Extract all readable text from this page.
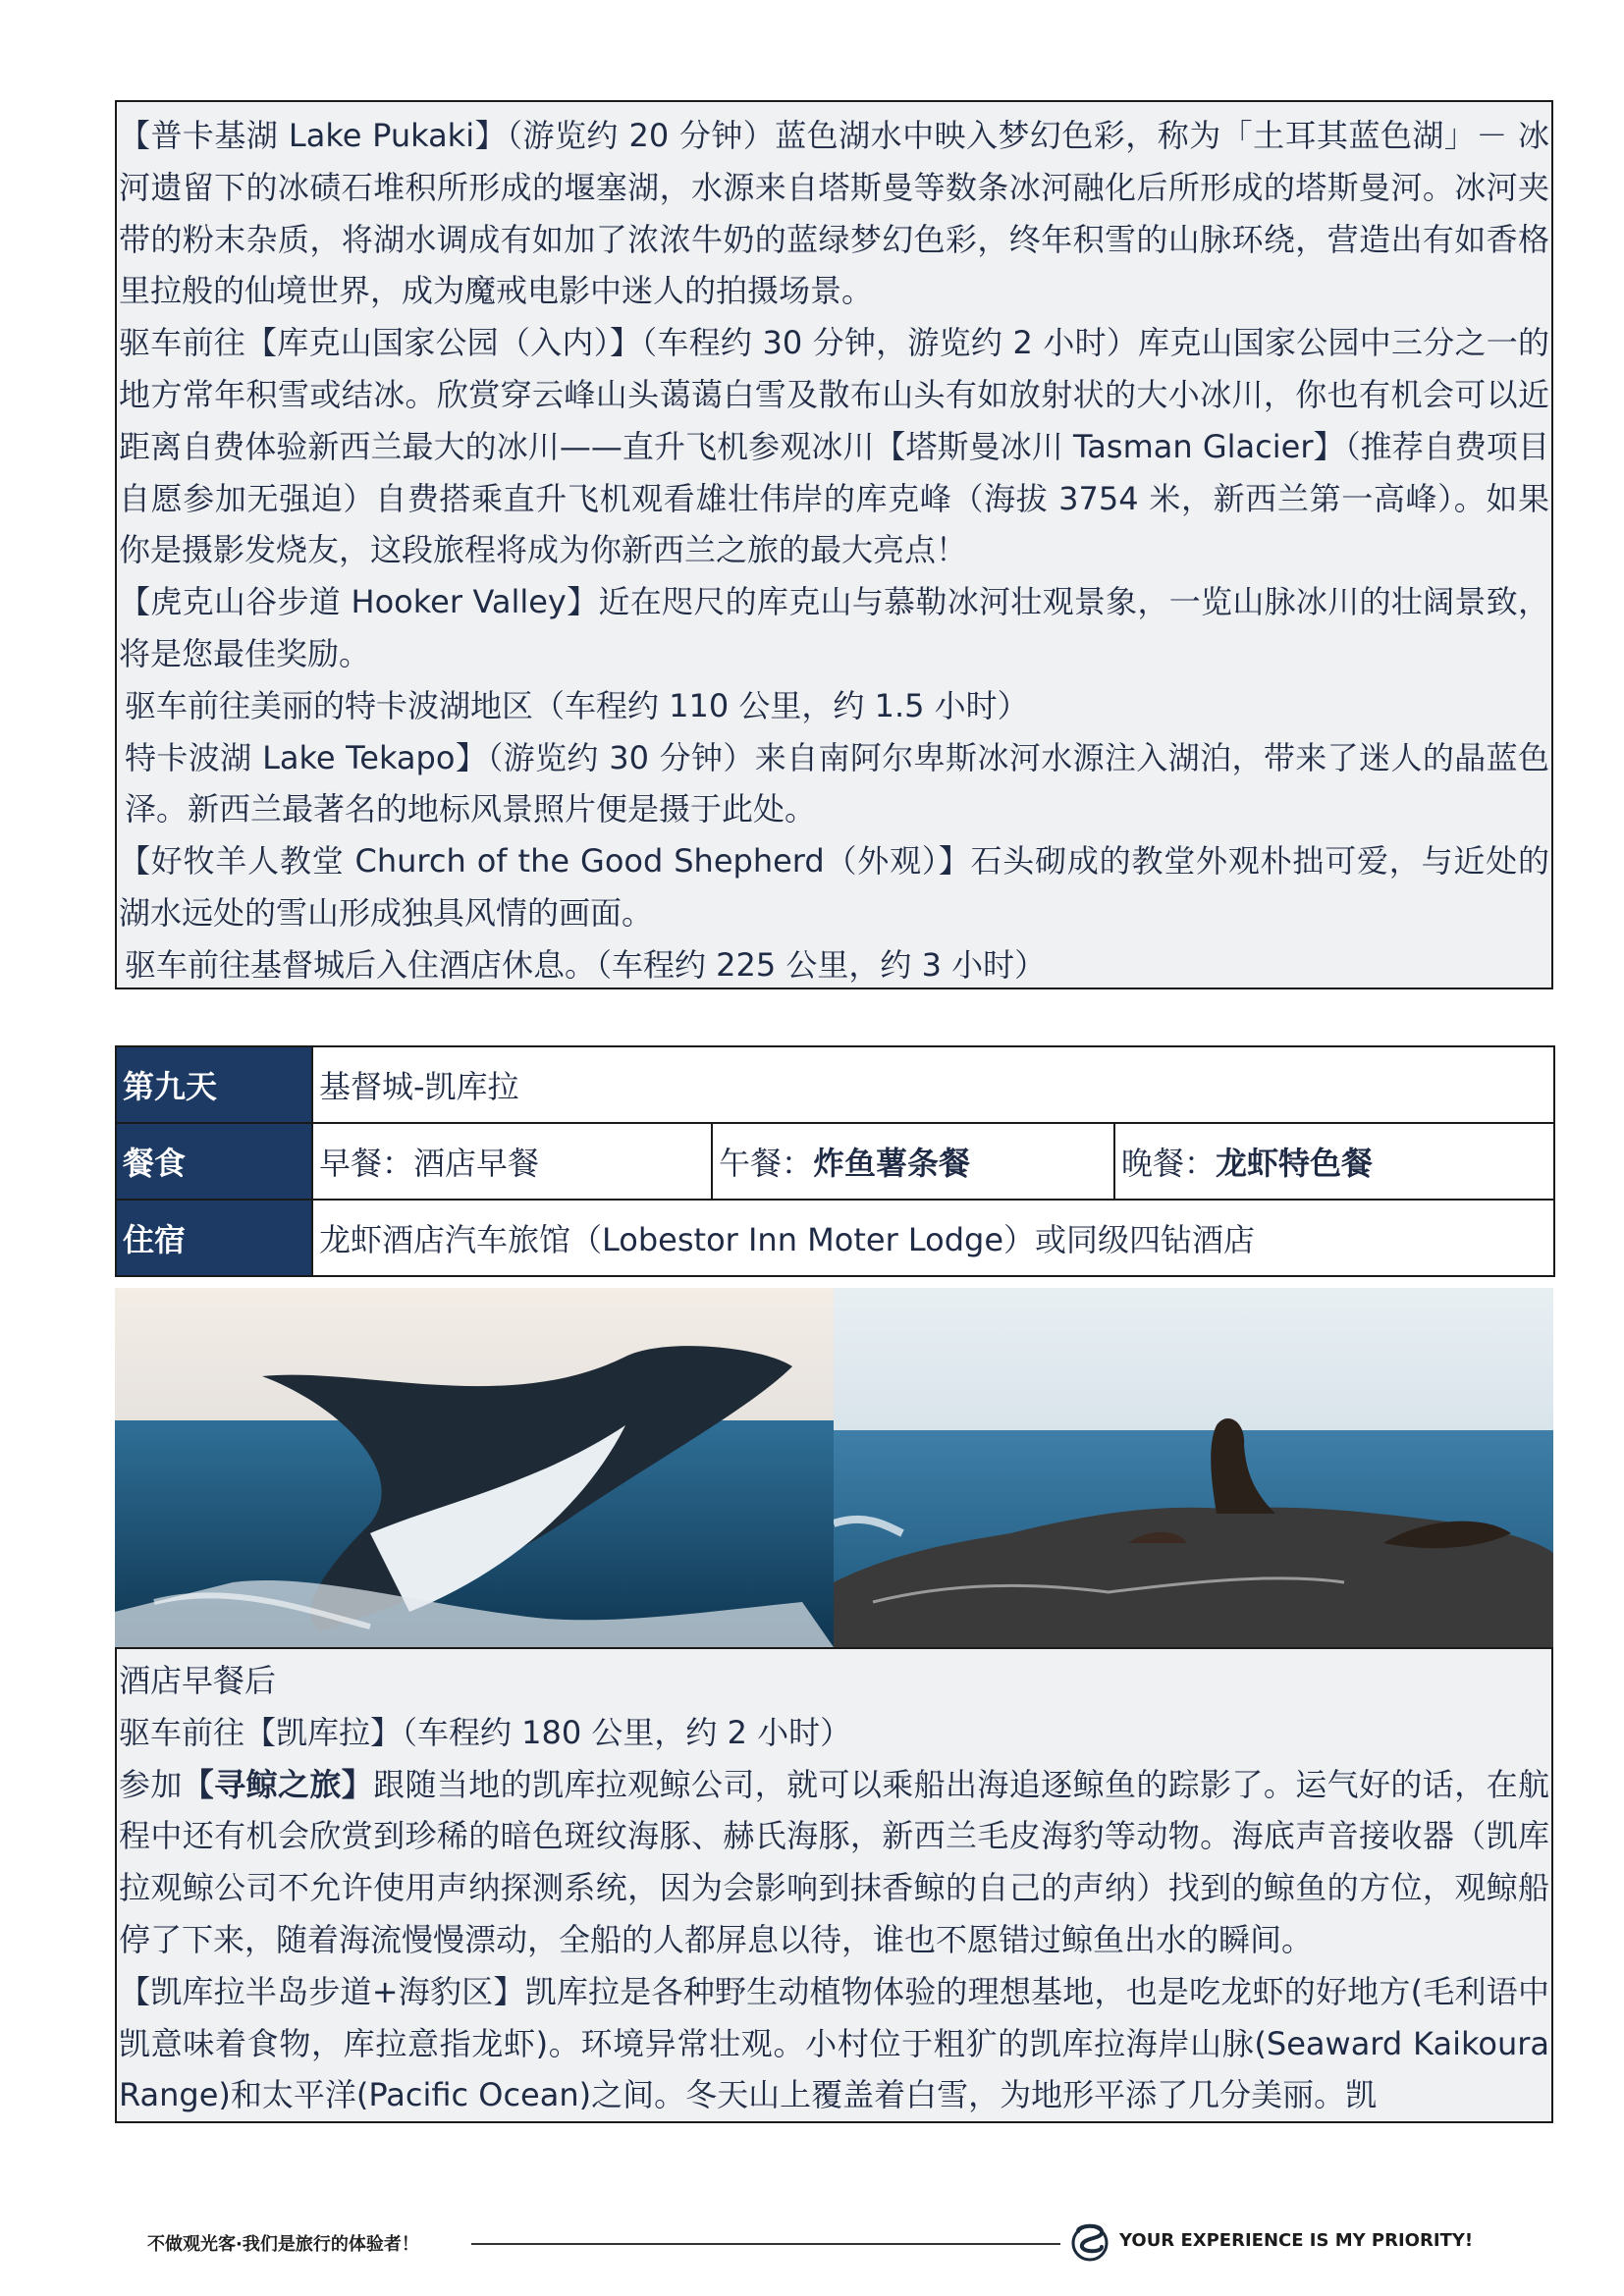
【普卡基湖 Lake Pukaki】（游览约 20 分钟）蓝色湖水中映入梦幻色彩，称为「土耳其蓝色湖」－ 冰河遗留下的冰碛石堆积所形成的堰塞湖，水源来自塔斯曼等数条冰河融化后所形成的塔斯曼河。冰河夹带的粉末杂质，将湖水调成有如加了浓浓牛奶的蓝绿梦幻色彩，终年积雪的山脉环绕，营造出有如香格里拉般的仙境世界，成为魔戒电影中迷人的拍摄场景。

驱车前往【库克山国家公园（入内）】（车程约 30 分钟，游览约 2 小时）库克山国家公园中三分之一的地方常年积雪或结冰。欣赏穿云峰山头蔼蔼白雪及散布山头有如放射状的大小冰川，你也有机会可以近距离自费体验新西兰最大的冰川——直升飞机参观冰川【塔斯曼冰川 Tasman Glacier】（推荐自费项目自愿参加无强迫）自费搭乘直升飞机观看雄壮伟岸的库克峰（海拔 3754 米，新西兰第一高峰）。如果你是摄影发烧友，这段旅程将成为你新西兰之旅的最大亮点！

【虎克山谷步道 Hooker Valley】近在咫尺的库克山与慕勒冰河壮观景象，一览山脉冰川的壮阔景致，将是您最佳奖励。

驱车前往美丽的特卡波湖地区（车程约 110 公里，约 1.5 小时）

特卡波湖 Lake Tekapo】（游览约 30 分钟）来自南阿尔卑斯冰河水源注入湖泊，带来了迷人的晶蓝色泽。新西兰最著名的地标风景照片便是摄于此处。

【好牧羊人教堂 Church of the Good Shepherd（外观）】石头砌成的教堂外观朴拙可爱，与近处的湖水远处的雪山形成独具风情的画面。

驱车前往基督城后入住酒店休息。（车程约 225 公里，约 3 小时）

第九天	基督城-凯库拉		
餐食	早餐：酒店早餐	午餐：炸鱼薯条餐	晚餐：龙虾特色餐
住宿	龙虾酒店汽车旅馆（Lobestor Inn Moter Lodge）或同级四钻酒店		

酒店早餐后

驱车前往【凯库拉】（车程约 180 公里，约 2 小时）

参加【寻鲸之旅】跟随当地的凯库拉观鲸公司，就可以乘船出海追逐鲸鱼的踪影了。运气好的话，在航程中还有机会欣赏到珍稀的暗色斑纹海豚、赫氏海豚，新西兰毛皮海豹等动物。海底声音接收器（凯库拉观鲸公司不允许使用声纳探测系统，因为会影响到抹香鲸的自己的声纳）找到的鲸鱼的方位，观鲸船停了下来，随着海流慢慢漂动，全船的人都屏息以待，谁也不愿错过鲸鱼出水的瞬间。

【凯库拉半岛步道+海豹区】凯库拉是各种野生动植物体验的理想基地，也是吃龙虾的好地方(毛利语中凯意味着食物，库拉意指龙虾)。环境异常壮观。小村位于粗犷的凯库拉海岸山脉(Seaward Kaikoura Range)和太平洋(Pacific Ocean)之间。冬天山上覆盖着白雪，为地形平添了几分美丽。凯

不做观光客·我们是旅行的体验者！	YOUR EXPERIENCE IS MY PRIORITY!
